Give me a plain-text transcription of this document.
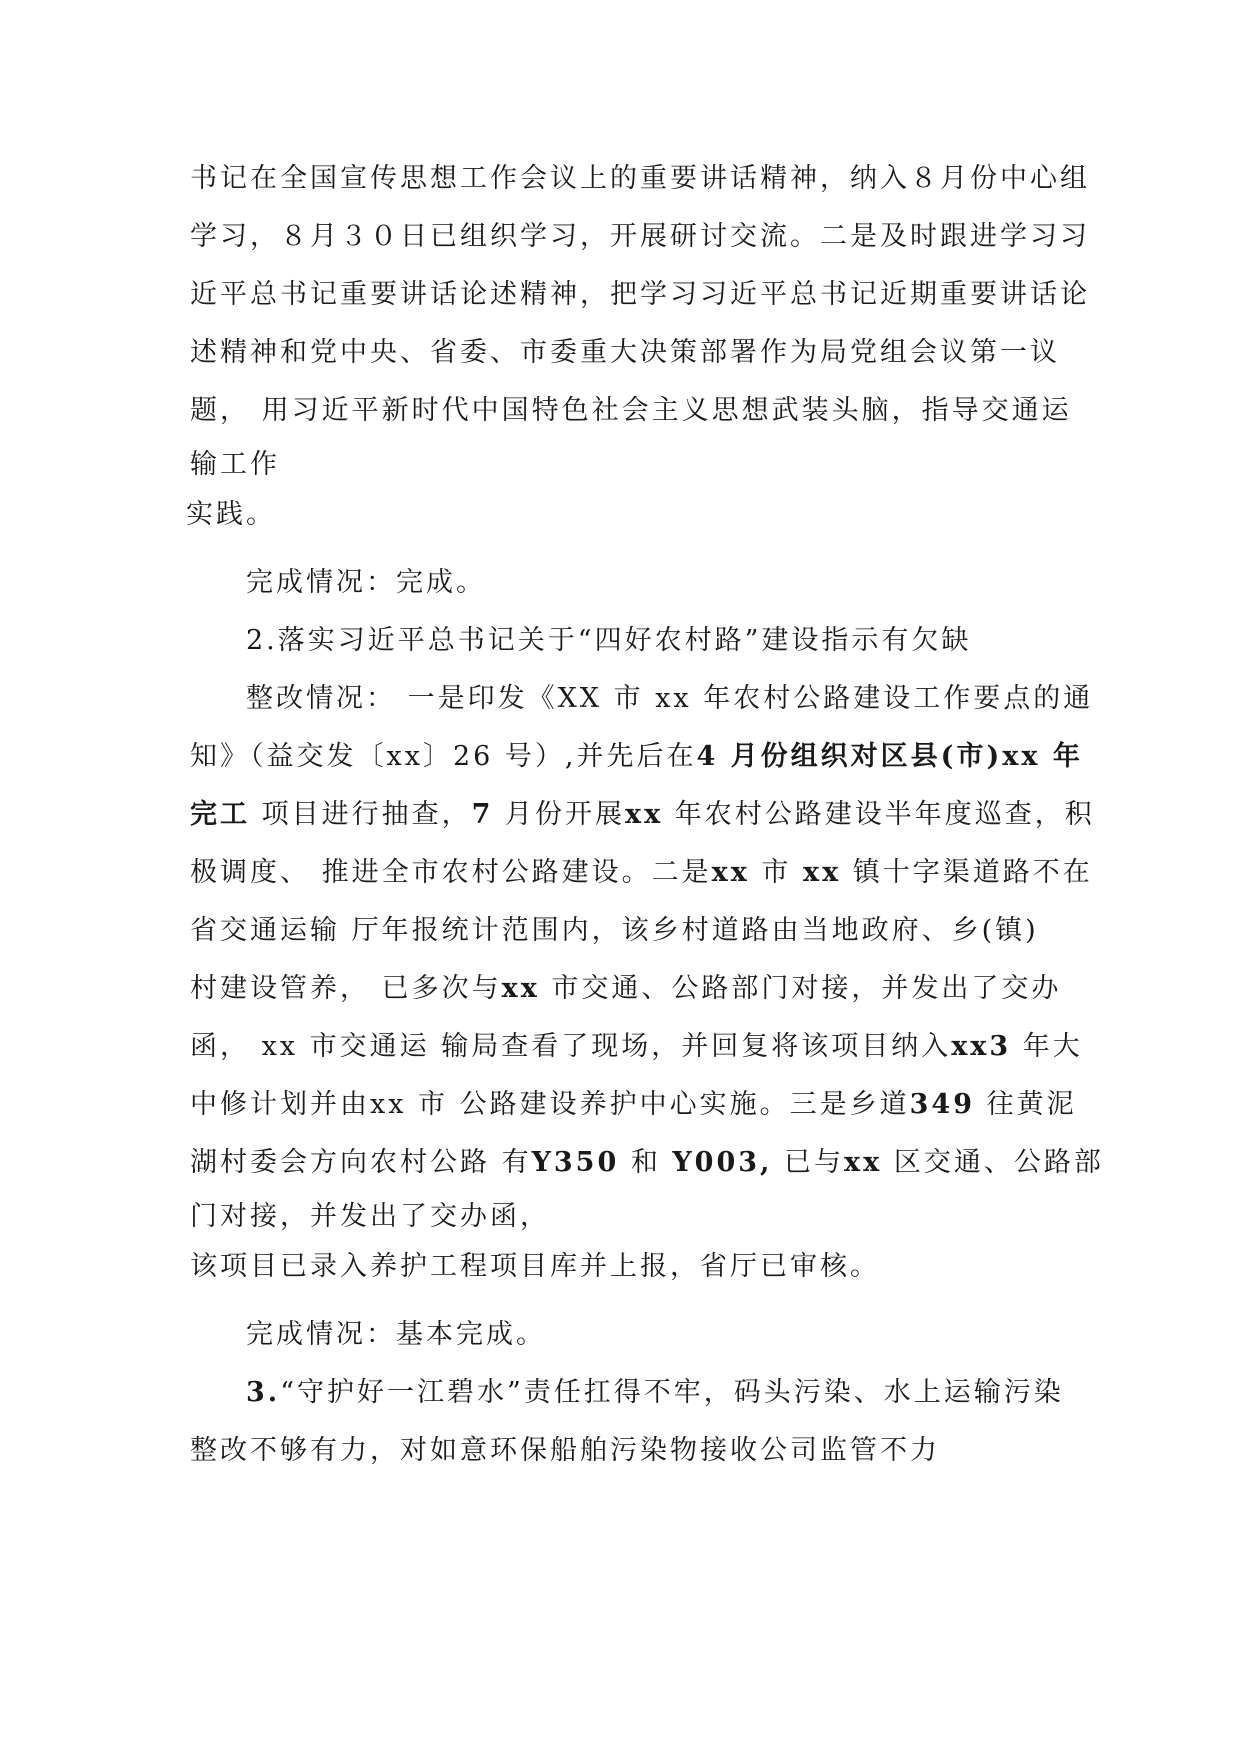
书记在全国宣传思想工作会议上的重要讲话精神，纳入８月份中心组

学习，８月３０日已组织学习，开展研讨交流。二是及时跟进学习习

近平总书记重要讲话论述精神，把学习习近平总书记近期重要讲话论

述精神和党中央、省委、市委重大决策部署作为局党组会议第一议

题， 用习近平新时代中国特色社会主义思想武装头脑，指导交通运

输工作

实践。

完成情况：完成。

2.落实习近平总书记关于“四好农村路”建设指示有欠缺

整改情况： 一是印发《XX 市 xx 年农村公路建设工作要点的通

知》（益交发〔xx〕26 号）,并先后在4 月份组织对区县(市)xx 年

完工 项目进行抽查，7 月份开展xx 年农村公路建设半年度巡查，积

极调度、 推进全市农村公路建设。二是xx 市 xx 镇十字渠道路不在

省交通运输 厅年报统计范围内，该乡村道路由当地政府、乡(镇)

村建设管养， 已多次与xx 市交通、公路部门对接，并发出了交办

函， xx 市交通运 输局查看了现场，并回复将该项目纳入xx3 年大

中修计划并由xx 市 公路建设养护中心实施。三是乡道349 往黄泥

湖村委会方向农村公路 有Y350 和 Y003, 已与xx 区交通、公路部

门对接，并发出了交办函，

该项目已录入养护工程项目库并上报，省厅已审核。

完成情况：基本完成。

3.“守护好一江碧水”责任扛得不牢，码头污染、水上运输污染

整改不够有力，对如意环保船舶污染物接收公司监管不力
